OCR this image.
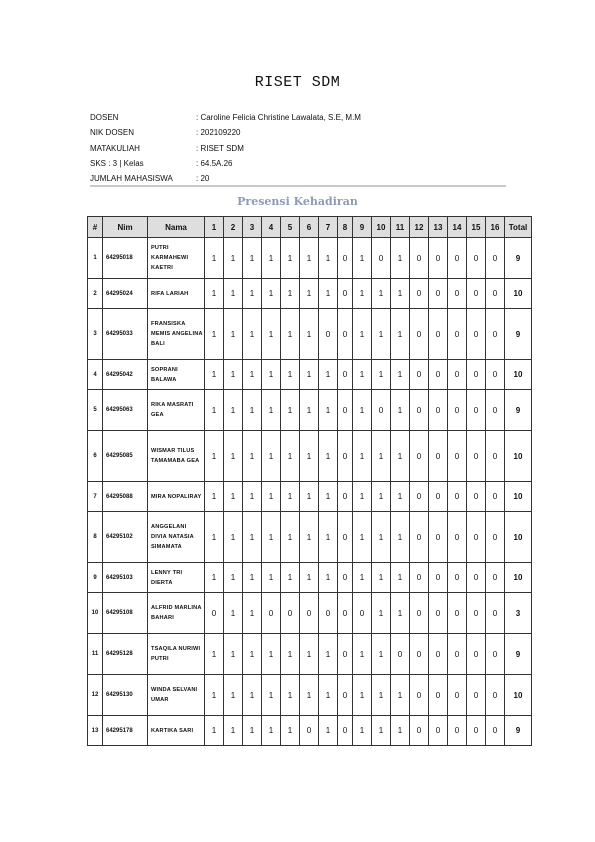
RISET SDM
DOSEN	: Caroline Felicia Christine Lawalata, S.E, M.M
NIK DOSEN	: 202109220
MATAKULIAH	: RISET SDM
SKS : 3 | Kelas	: 64.5A.26
JUMLAH MAHASISWA	: 20
Presensi Kehadiran
#	Nim	Nama	1	2	3	4	5	6	7	8	9	10	11	12	13	14	15	16	Total
1	64295018	PUTRI KARMAHEWI KAETRI	1	1	1	1	1	1	1	0	1	0	1	0	0	0	0	0	9
2	64295024	RIFA LARIAH	1	1	1	1	1	1	1	0	1	1	1	0	0	0	0	0	10
3	64295033	FRANSISKA MEMIS ANGELINA BALI	1	1	1	1	1	1	0	0	1	1	1	0	0	0	0	0	9
4	64295042	SOPRANI BALAWA	1	1	1	1	1	1	1	0	1	1	1	0	0	0	0	0	10
5	64295063	RIKA MASRATI GEA	1	1	1	1	1	1	1	0	1	0	1	0	0	0	0	0	9
6	64295085	WISMAR TILUS TAMAMABA GEA	1	1	1	1	1	1	1	0	1	1	1	0	0	0	0	0	10
7	64295088	MIRA NOPALIRAY	1	1	1	1	1	1	1	0	1	1	1	0	0	0	0	0	10
8	64295102	ANGGELANI DIVIA NATASIA SIMAMATA	1	1	1	1	1	1	1	0	1	1	1	0	0	0	0	0	10
9	64295103	LENNY TRI DIERTA	1	1	1	1	1	1	1	0	1	1	1	0	0	0	0	0	10
10	64295108	ALFRID MARLINA BAHARI	0	1	1	0	0	0	0	0	0	1	1	0	0	0	0	0	3
11	64295128	TSAQILA NURIWI PUTRI	1	1	1	1	1	1	1	0	1	1	0	0	0	0	0	0	9
12	64295130	WINDA SELVANI UMAR	1	1	1	1	1	1	1	0	1	1	1	0	0	0	0	0	10
13	64295178	KARTIKA SARI	1	1	1	1	1	0	1	0	1	1	1	0	0	0	0	0	9
